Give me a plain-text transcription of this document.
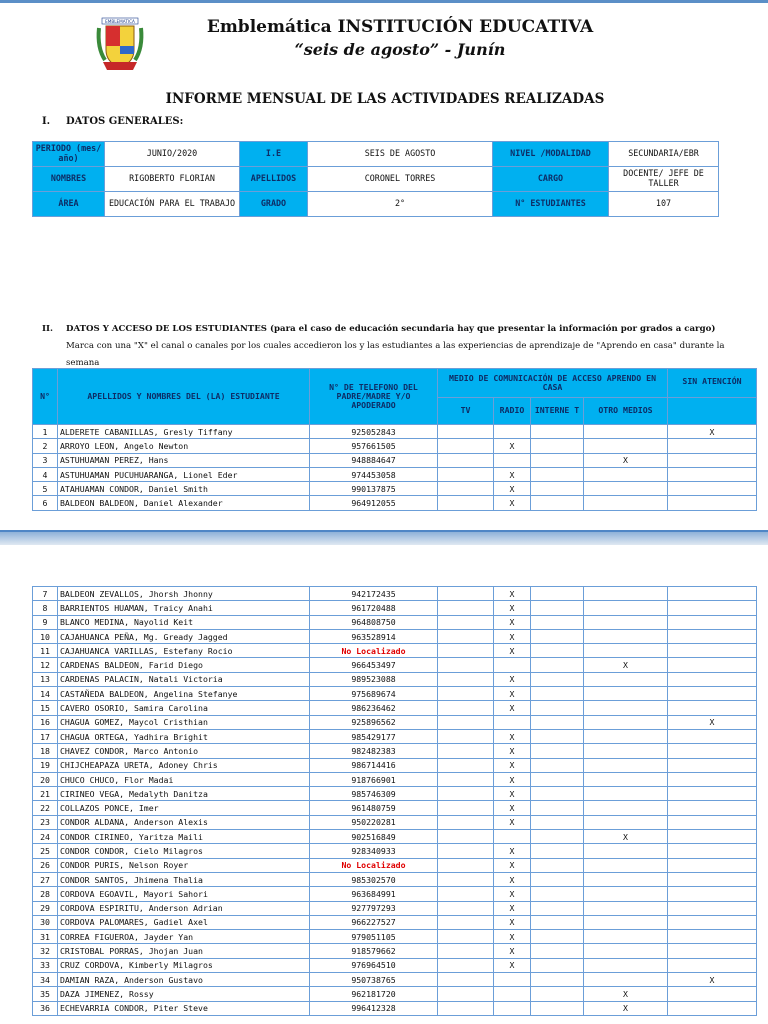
EMBLEMATICA	Emblemática INSTITUCIÓN EDUCATIVA
“seis de agosto” - Junín
INFORME MENSUAL DE LAS ACTIVIDADES REALIZADAS
I. DATOS GENERALES:
PERIODO (mes/ año)	JUNIO/2020	I.E	SEIS DE AGOSTO	NIVEL /MODALIDAD	SECUNDARIA/EBR
NOMBRES	RIGOBERTO FLORIAN	APELLIDOS	CORONEL TORRES	CARGO	DOCENTE/ JEFE DE TALLER
ÁREA	EDUCACIÓN PARA EL TRABAJO	GRADO	2°	N° ESTUDIANTES	107
II. DATOS Y ACCESO DE LOS ESTUDIANTES (para el caso de educación secundaria hay que presentar la información por grados a cargo)
Marca con una "X" el canal o canales por los cuales accedieron los y las estudiantes a las experiencias de aprendizaje de "Aprendo en casa" durante la semana
N°	APELLIDOS Y NOMBRES DEL (LA) ESTUDIANTE	N° DE TELEFONO DEL PADRE/MADRE Y/O APODERADO	MEDIO DE COMUNICACIÓN DE ACCESO APRENDO EN CASA				SIN ATENCIÓN
			TV	RADIO	INTERNE T	OTRO MEDIOS	
1	ALDERETE CABANILLAS, Gresly Tiffany	925052843					X
2	ARROYO LEON, Angelo Newton	957661505		X			
3	ASTUHUAMAN PEREZ, Hans	948884647				X	
4	ASTUHUAMAN PUCUHUARANGA, Lionel Eder	974453058		X			
5	ATAHUAMAN CONDOR, Daniel Smith	990137875		X			
6	BALDEON BALDEON, Daniel Alexander	964912055		X			
7	BALDEON ZEVALLOS, Jhorsh Jhonny	942172435		X			
8	BARRIENTOS HUAMAN, Traicy Anahi	961720488		X			
9	BLANCO MEDINA, Nayolid Keit	964808750		X			
10	CAJAHUANCA PEÑA, Mg. Gready Jagged	963528914		X			
11	CAJAHUANCA VARILLAS, Estefany Rocio	No Localizado		X			
12	CARDENAS BALDEON, Farid Diego	966453497				X	
13	CARDENAS PALACIN, Natali Victoria	989523088		X			
14	CASTAÑEDA BALDEON, Angelina Stefanye	975689674		X			
15	CAVERO OSORIO, Samira Carolina	986236462		X			
16	CHAGUA GOMEZ, Maycol Cristhian	925896562					X
17	CHAGUA ORTEGA, Yadhira Brighit	985429177		X			
18	CHAVEZ CONDOR, Marco Antonio	982482383		X			
19	CHIJCHEAPAZA URETA, Adoney Chris	986714416		X			
20	CHUCO CHUCO, Flor Madai	918766901		X			
21	CIRINEO VEGA, Medalyth Danitza	985746309		X			
22	COLLAZOS PONCE, Imer	961480759		X			
23	CONDOR ALDANA, Anderson Alexis	950220281		X			
24	CONDOR CIRINEO, Yaritza Maili	902516849				X	
25	CONDOR CONDOR, Cielo Milagros	928340933		X			
26	CONDOR PURIS, Nelson Royer	No Localizado		X			
27	CONDOR SANTOS, Jhimena Thalia	985302570		X			
28	CORDOVA EGOAVIL, Mayori Sahori	963684991		X			
29	CORDOVA ESPIRITU, Anderson Adrian	927797293		X			
30	CORDOVA PALOMARES, Gadiel Axel	966227527		X			
31	CORREA FIGUEROA, Jayder Yan	979051105		X			
32	CRISTOBAL PORRAS, Jhojan Juan	918579662		X			
33	CRUZ CORDOVA, Kimberly Milagros	976964510		X			
34	DAMIAN RAZA, Anderson Gustavo	950738765					X
35	DAZA JIMENEZ, Rossy	962181720				X	
36	ECHEVARRIA CONDOR, Piter Steve	996412328				X	
